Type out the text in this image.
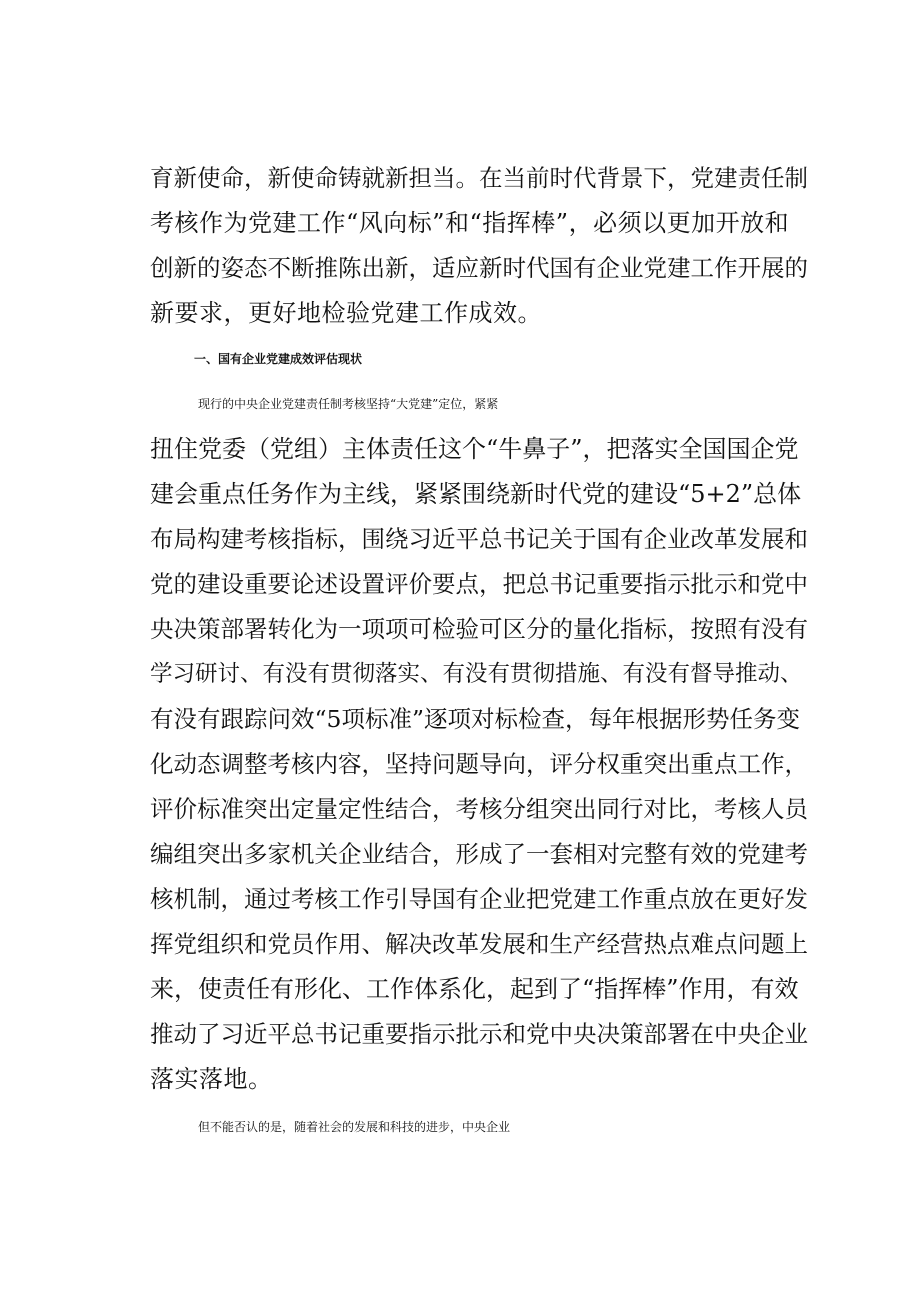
育新使命，新使命铸就新担当。在当前时代背景下，党建责任制
考核作为党建工作“风向标”和“指挥棒”，必须以更加开放和
创新的姿态不断推陈出新，适应新时代国有企业党建工作开展的
新要求，更好地检验党建工作成效。
一、国有企业党建成效评估现状
现行的中央企业党建责任制考核坚持“大党建”定位，紧紧
扭住党委（党组）主体责任这个“牛鼻子”，把落实全国国企党
建会重点任务作为主线，紧紧围绕新时代党的建设“5+2”总体
布局构建考核指标，围绕习近平总书记关于国有企业改革发展和
党的建设重要论述设置评价要点，把总书记重要指示批示和党中
央决策部署转化为一项项可检验可区分的量化指标，按照有没有
学习研讨、有没有贯彻落实、有没有贯彻措施、有没有督导推动、
有没有跟踪问效“5项标准”逐项对标检查，每年根据形势任务变
化动态调整考核内容，坚持问题导向，评分权重突出重点工作，
评价标准突出定量定性结合，考核分组突出同行对比，考核人员
编组突出多家机关企业结合，形成了一套相对完整有效的党建考
核机制，通过考核工作引导国有企业把党建工作重点放在更好发
挥党组织和党员作用、解决改革发展和生产经营热点难点问题上
来，使责任有形化、工作体系化，起到了“指挥棒”作用，有效
推动了习近平总书记重要指示批示和党中央决策部署在中央企业
落实落地。
但不能否认的是，随着社会的发展和科技的进步，中央企业
